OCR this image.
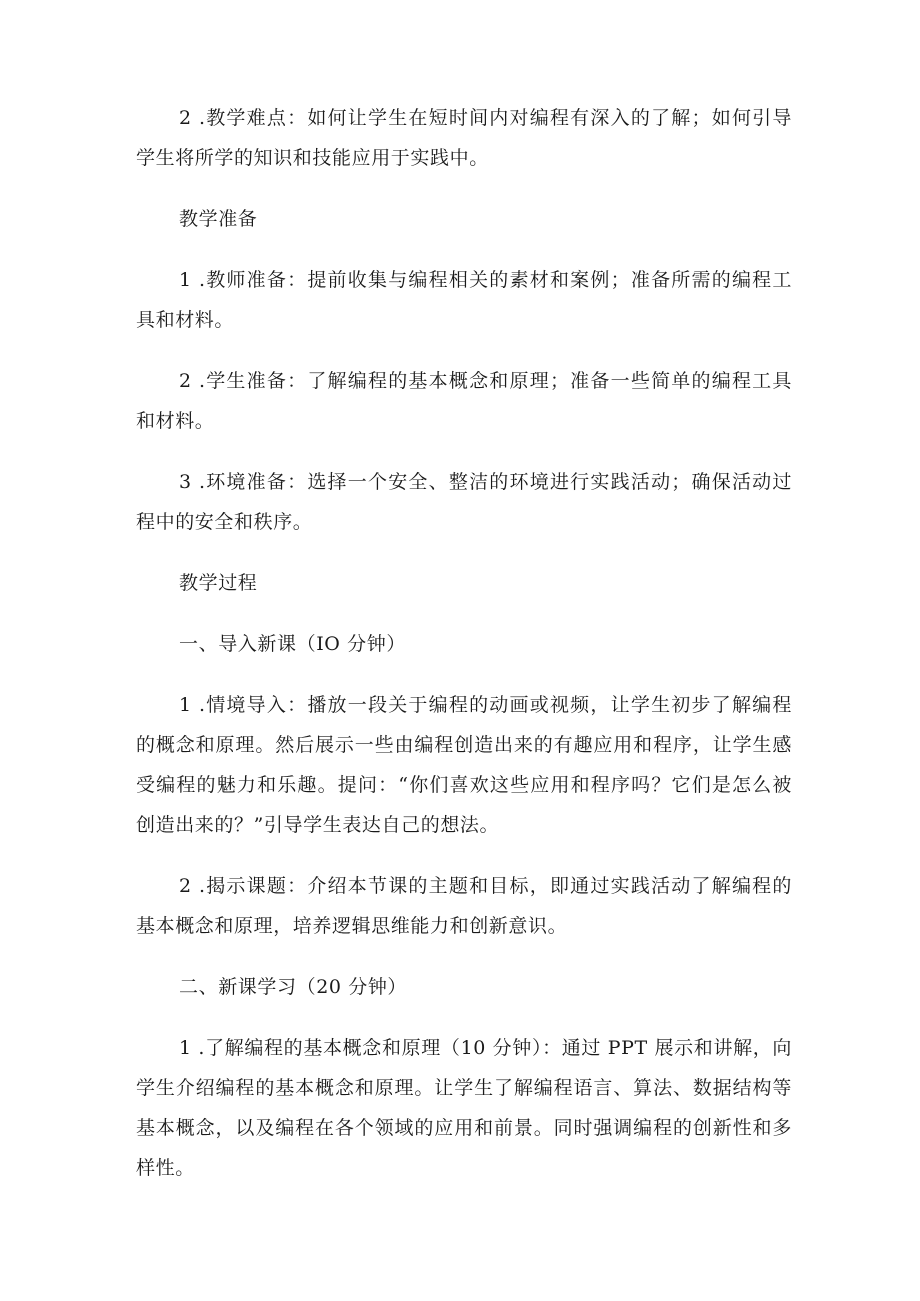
2 .教学难点：如何让学生在短时间内对编程有深入的了解；如何引导学生将所学的知识和技能应用于实践中。

教学准备

1 .教师准备：提前收集与编程相关的素材和案例；准备所需的编程工具和材料。

2 .学生准备：了解编程的基本概念和原理；准备一些简单的编程工具和材料。

3 .环境准备：选择一个安全、整洁的环境进行实践活动；确保活动过程中的安全和秩序。

教学过程

一、导入新课（IO 分钟）

1 .情境导入：播放一段关于编程的动画或视频，让学生初步了解编程的概念和原理。然后展示一些由编程创造出来的有趣应用和程序，让学生感受编程的魅力和乐趣。提问：“你们喜欢这些应用和程序吗？它们是怎么被创造出来的？”引导学生表达自己的想法。

2 .揭示课题：介绍本节课的主题和目标，即通过实践活动了解编程的基本概念和原理，培养逻辑思维能力和创新意识。

二、新课学习（20 分钟）

1 .了解编程的基本概念和原理（10 分钟）：通过 PPT 展示和讲解，向学生介绍编程的基本概念和原理。让学生了解编程语言、算法、数据结构等基本概念，以及编程在各个领域的应用和前景。同时强调编程的创新性和多样性。
